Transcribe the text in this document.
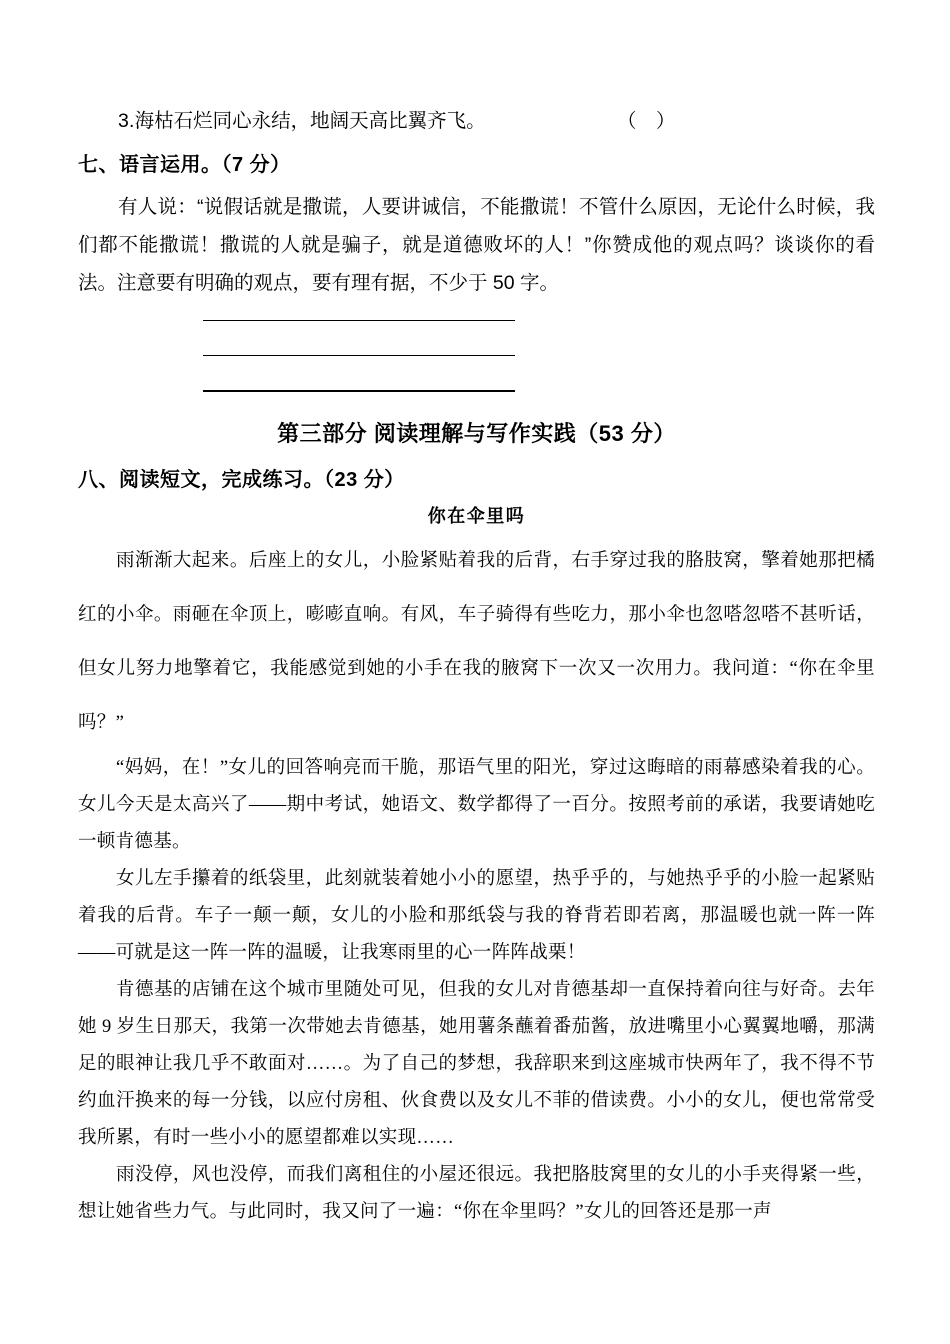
3.海枯石烂同心永结，地阔天高比翼齐飞。	（ ）
七、语言运用。（7 分）
有人说：“说假话就是撒谎，人要讲诚信，不能撒谎！不管什么原因，无论什么时候，我们都不能撒谎！撒谎的人就是骗子，就是道德败坏的人！”你赞成他的观点吗？谈谈你的看法。注意要有明确的观点，要有理有据，不少于 50 字。
第三部分 阅读理解与写作实践（53 分）
八、阅读短文，完成练习。（23 分）
你在伞里吗

雨渐渐大起来。后座上的女儿，小脸紧贴着我的后背，右手穿过我的胳肢窝，擎着她那把橘红的小伞。雨砸在伞顶上，嘭嘭直响。有风，车子骑得有些吃力，那小伞也忽嗒忽嗒不甚听话，但女儿努力地擎着它，我能感觉到她的小手在我的腋窝下一次又一次用力。我问道：“你在伞里吗？”

“妈妈，在！”女儿的回答响亮而干脆，那语气里的阳光，穿过这晦暗的雨幕感染着我的心。女儿今天是太高兴了——期中考试，她语文、数学都得了一百分。按照考前的承诺，我要请她吃一顿肯德基。

女儿左手攥着的纸袋里，此刻就装着她小小的愿望，热乎乎的，与她热乎乎的小脸一起紧贴着我的后背。车子一颠一颠，女儿的小脸和那纸袋与我的脊背若即若离，那温暖也就一阵一阵——可就是这一阵一阵的温暖，让我寒雨里的心一阵阵战栗！

肯德基的店铺在这个城市里随处可见，但我的女儿对肯德基却一直保持着向往与好奇。去年她 9 岁生日那天，我第一次带她去肯德基，她用薯条蘸着番茄酱，放进嘴里小心翼翼地嚼，那满足的眼神让我几乎不敢面对……。为了自己的梦想，我辞职来到这座城市快两年了，我不得不节约血汗换来的每一分钱，以应付房租、伙食费以及女儿不菲的借读费。小小的女儿，便也常常受我所累，有时一些小小的愿望都难以实现……

雨没停，风也没停，而我们离租住的小屋还很远。我把胳肢窝里的女儿的小手夹得紧一些，想让她省些力气。与此同时，我又问了一遍：“你在伞里吗？”女儿的回答还是那一声
